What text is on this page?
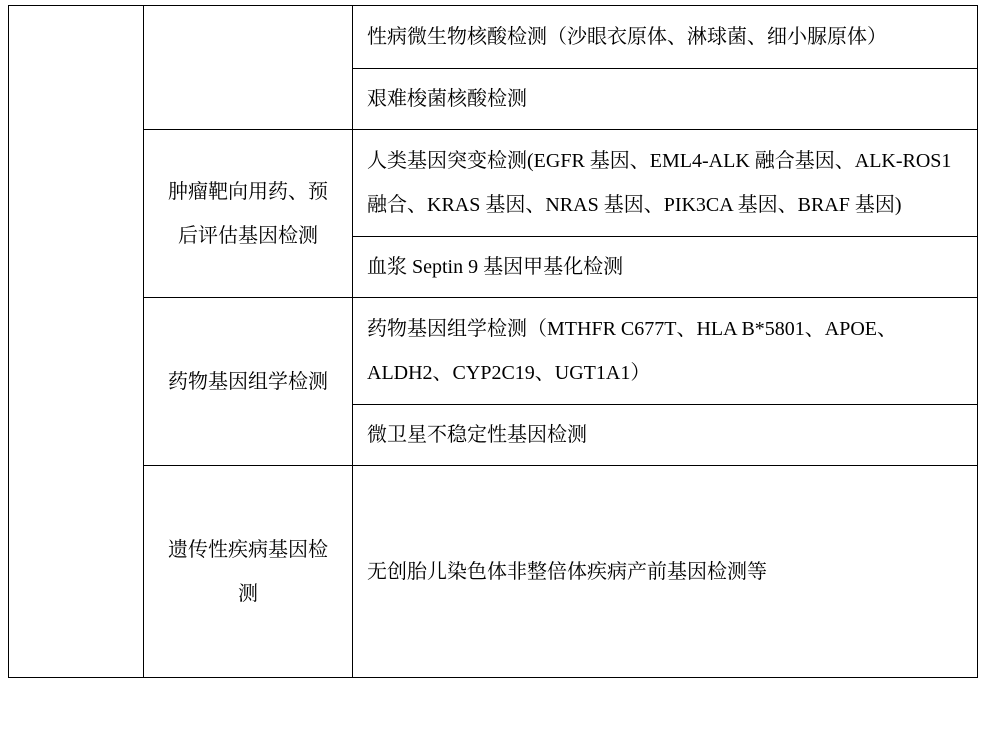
		性病微生物核酸检测（沙眼衣原体、淋球菌、细小脲原体）

		艰难梭菌核酸检测

	肿瘤靶向用药、预后评估基因检测	人类基因突变检测(EGFR 基因、EML4-ALK 融合基因、ALK-ROS1 融合、KRAS 基因、NRAS 基因、PIK3CA 基因、BRAF 基因)

		血浆 Septin 9 基因甲基化检测

	药物基因组学检测	药物基因组学检测（MTHFR C677T、HLA B*5801、APOE、ALDH2、CYP2C19、UGT1A1）

		微卫星不稳定性基因检测

	遗传性疾病基因检测	无创胎儿染色体非整倍体疾病产前基因检测等
